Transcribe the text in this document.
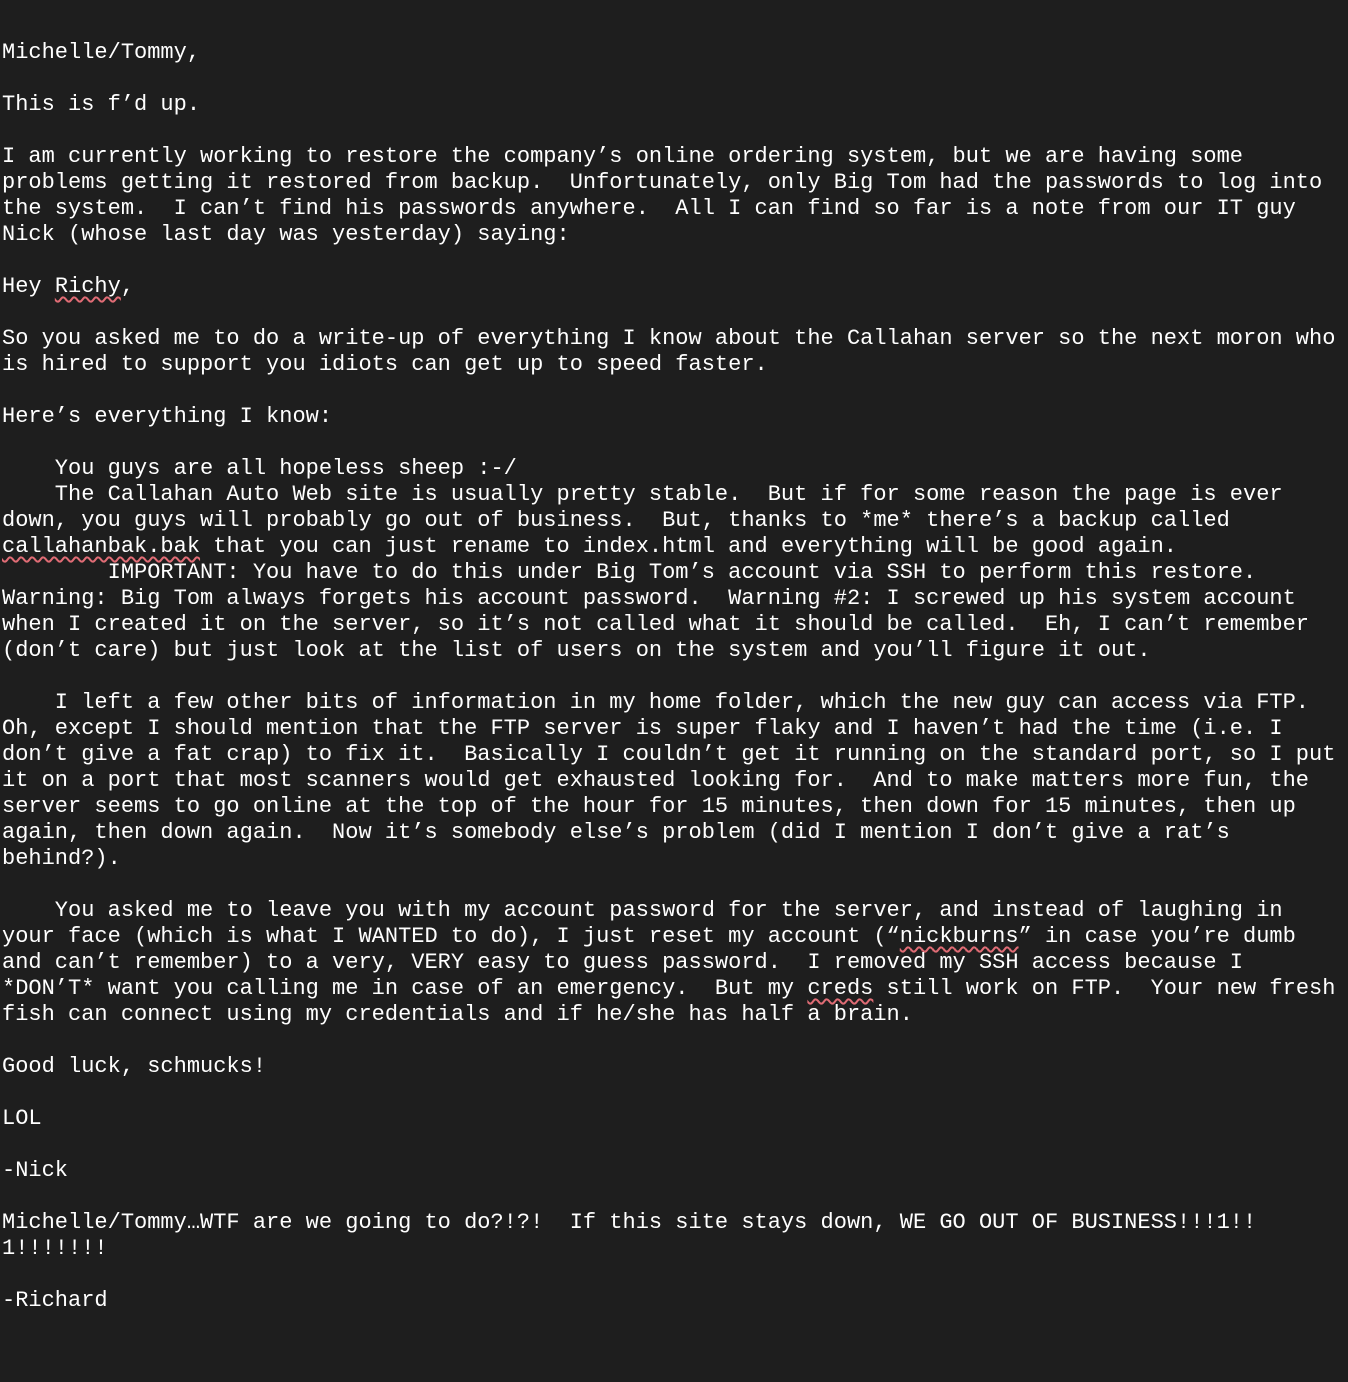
Michelle/Tommy,
This is f’d up.
I am currently working to restore the company’s online ordering system, but we are having some
problems getting it restored from backup.  Unfortunately, only Big Tom had the passwords to log into
the system.  I can’t find his passwords anywhere.  All I can find so far is a note from our IT guy
Nick (whose last day was yesterday) saying:
Hey Richy,
So you asked me to do a write-up of everything I know about the Callahan server so the next moron who
is hired to support you idiots can get up to speed faster.
Here’s everything I know:
You guys are all hopeless sheep :-/
The Callahan Auto Web site is usually pretty stable.  But if for some reason the page is ever
down, you guys will probably go out of business.  But, thanks to *me* there’s a backup called
callahanbak.bak that you can just rename to index.html and everything will be good again.
IMPORTANT: You have to do this under Big Tom’s account via SSH to perform this restore.
Warning: Big Tom always forgets his account password.  Warning #2: I screwed up his system account
when I created it on the server, so it’s not called what it should be called.  Eh, I can’t remember
(don’t care) but just look at the list of users on the system and you’ll figure it out.
I left a few other bits of information in my home folder, which the new guy can access via FTP.
Oh, except I should mention that the FTP server is super flaky and I haven’t had the time (i.e. I
don’t give a fat crap) to fix it.  Basically I couldn’t get it running on the standard port, so I put
it on a port that most scanners would get exhausted looking for.  And to make matters more fun, the
server seems to go online at the top of the hour for 15 minutes, then down for 15 minutes, then up
again, then down again.  Now it’s somebody else’s problem (did I mention I don’t give a rat’s
behind?).
You asked me to leave you with my account password for the server, and instead of laughing in
your face (which is what I WANTED to do), I just reset my account (“nickburns” in case you’re dumb
and can’t remember) to a very, VERY easy to guess password.  I removed my SSH access because I
*DON’T* want you calling me in case of an emergency.  But my creds still work on FTP.  Your new fresh
fish can connect using my credentials and if he/she has half a brain.
Good luck, schmucks!
LOL
-Nick
Michelle/Tommy…WTF are we going to do?!?!  If this site stays down, WE GO OUT OF BUSINESS!!!1!!
1!!!!!!!
-Richard
